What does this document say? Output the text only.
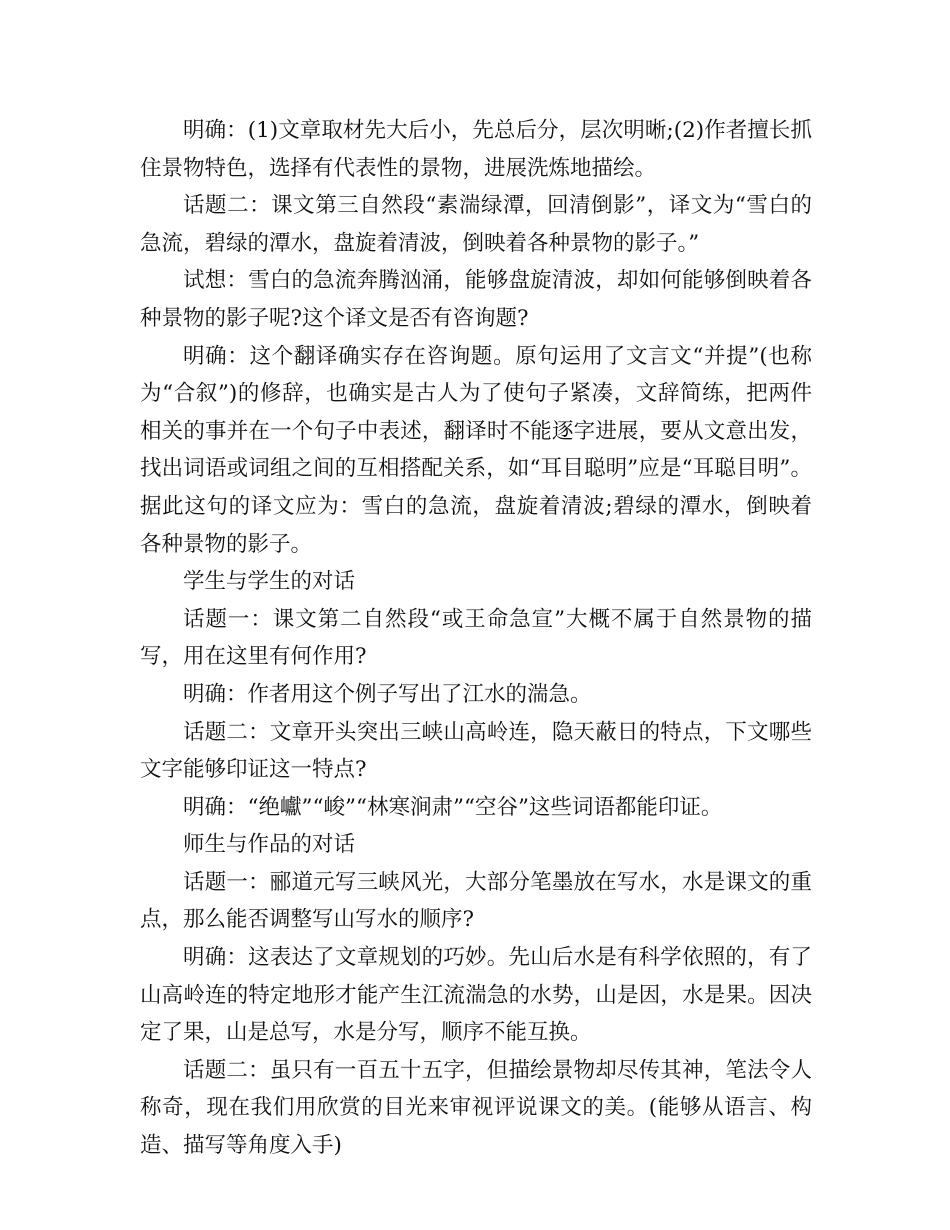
明确：(1)文章取材先大后小，先总后分，层次明晰;(2)作者擅长抓住景物特色，选择有代表性的景物，进展洗炼地描绘。

话题二：课文第三自然段“素湍绿潭，回清倒影”，译文为“雪白的急流，碧绿的潭水，盘旋着清波，倒映着各种景物的影子。”

试想：雪白的急流奔腾汹涌，能够盘旋清波，却如何能够倒映着各种景物的影子呢?这个译文是否有咨询题?

明确：这个翻译确实存在咨询题。原句运用了文言文“并提”(也称为“合叙”)的修辞，也确实是古人为了使句子紧凑，文辞简练，把两件相关的事并在一个句子中表述，翻译时不能逐字进展，要从文意出发，找出词语或词组之间的互相搭配关系，如“耳目聪明”应是“耳聪目明”。据此这句的译文应为：雪白的急流，盘旋着清波;碧绿的潭水，倒映着各种景物的影子。

学生与学生的对话

话题一：课文第二自然段“或王命急宣”大概不属于自然景物的描写，用在这里有何作用?

明确：作者用这个例子写出了江水的湍急。

话题二：文章开头突出三峡山高岭连，隐天蔽日的特点，下文哪些文字能够印证这一特点?

明确：“绝巘”“峻”“林寒涧肃”“空谷”这些词语都能印证。

师生与作品的对话

话题一：郦道元写三峡风光，大部分笔墨放在写水，水是课文的重点，那么能否调整写山写水的顺序?

明确：这表达了文章规划的巧妙。先山后水是有科学依照的，有了山高岭连的特定地形才能产生江流湍急的水势，山是因，水是果。因决定了果，山是总写，水是分写，顺序不能互换。

话题二：虽只有一百五十五字，但描绘景物却尽传其神，笔法令人称奇，现在我们用欣赏的目光来审视评说课文的美。(能够从语言、构造、描写等角度入手)
